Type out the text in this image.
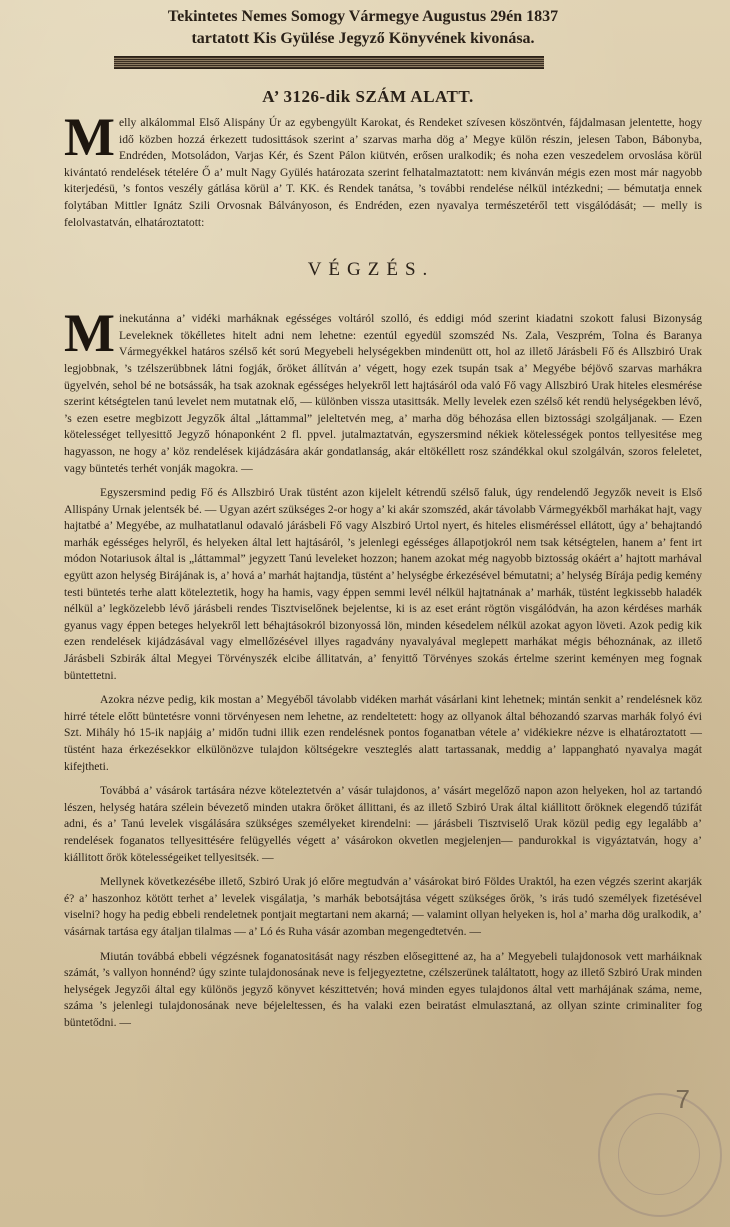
Tekintetes Nemes Somogy Vármegye Augustus 29én 1837
tartatott Kis Gyülése Jegyző Könyvének kivonása.
A’ 3126-dik SZÁM ALATT.

Melly alkálommal Első Alispány Úr az egybengyült Karokat, és Rendeket szívesen köszöntvén, fájdalmasan jelentette, hogy idő közben hozzá érkezett tudosittások szerint a’ szarvas marha dög a’ Megye külön részin, jelesen Tabon, Bábonyba, Endréden, Motsoládon, Varjas Kér, és Szent Pálon kiütvén, erősen uralkodik; és noha ezen veszedelem orvoslása körül kivántató rendelések tételére Ő a’ mult Nagy Gyülés határozata szerint felhatalmaztatott: nem kivánván mégis ezen most már nagyobb kiterjedésü, ’s fontos veszély gátlása körül a’ T. KK. és Rendek tanátsa, ’s további rendelése nélkül intézkedni; — bémutatja ennek folytában Mittler Ignátz Szili Orvosnak Bálványoson, és Endréden, ezen nyavalya természetéről tett visgálódását; — melly is felolvastatván, elhatároztatott:

VÉGZÉS.

Minekutánna a’ vidéki marháknak egésséges voltáról szolló, és eddigi mód szerint kiadatni szokott falusi Bizonyság Leveleknek tökélletes hitelt adni nem lehetne: ezentúl egyedül szomszéd Ns. Zala, Veszprém, Tolna és Baranya Vármegyékkel határos szélső két sorú Megyebeli helységekben mindenütt ott, hol az illető Járásbeli Fő és Allszbiró Urak legjobbnak, ’s tzélszerübbnek látni fogják, őröket állítván a’ végett, hogy ezek tsupán tsak a’ Megyébe béjövő szarvas marhákra ügyelvén, sehol bé ne botsássák, ha tsak azoknak egésséges helyekről lett hajtásáról oda való Fő vagy Allszbiró Urak hiteles elesmérése szerint kétségtelen tanú levelet nem mutatnak elő, — különben vissza utasittsák. Melly levelek ezen szélső két rendü helységekben lévő, ’s ezen esetre megbizott Jegyzők által „láttammal” jeleltetvén meg, a’ marha dög béhozása ellen biztossági szolgáljanak. — Ezen kötelességet tellyesittő Jegyző hónaponként 2 fl. ppvel. jutalmaztatván, egyszersmind nékiek kötelességek pontos tellyesitése meg hagyasson, ne hogy a’ köz rendelések kijádzására akár gondatlanság, akár eltökéllett rosz szándékkal okul szolgálván, szoros feleletet, vagy büntetés terhét vonják magokra. —

Egyszersmind pedig Fő és Allszbiró Urak tüstént azon kijelelt kétrendű szélső faluk, úgy rendelendő Jegyzők neveit is Első Allispány Urnak jelentsék bé. — Ugyan azért szükséges 2-or hogy a’ ki akár szomszéd, akár távolabb Vármegyékből marhákat hajt, vagy hajtatbé a’ Megyébe, az mulhatatlanul odavaló járásbeli Fő vagy Alszbiró Urtol nyert, és hiteles elisméréssel ellátott, úgy a’ behajtandó marhák egésséges helyről, és helyeken által lett hajtásáról, ’s jelenlegi egésséges állapotjokról nem tsak kétségtelen, hanem a’ fent irt módon Notariusok által is „láttammal” jegyzett Tanú leveleket hozzon; hanem azokat még nagyobb biztosság okáért a’ hajtott marhával együtt azon helység Birájának is, a’ hová a’ marhát hajtandja, tüstént a’ helységbe érkezésével bémutatni; a’ helység Bírája pedig kemény testi büntetés terhe alatt köteleztetik, hogy ha hamis, vagy éppen semmi levél nélkül hajtatnának a’ marhák, tüstént legkissebb haladék nélkül a’ legközelebb lévő járásbeli rendes Tisztviselőnek bejelentse, ki is az eset eránt rögtön visgálódván, ha azon kérdéses marhák gyanus vagy éppen beteges helyekről lett béhajtásokról bizonyossá lön, minden késedelem nélkül azokat agyon löveti. Azok pedig kik ezen rendelések kijádzásával vagy elmellőzésével illyes ragadvány nyavalyával meglepett marhákat mégis béhoznának, az illető Járásbeli Szbirák által Megyei Törvényszék elcibe állitatván, a’ fenyittő Törvényes szokás értelme szerint keményen meg fognak büntettetni.

Azokra nézve pedig, kik mostan a’ Megyéből távolabb vidéken marhát vásárlani kint lehetnek; mintán senkit a’ rendelésnek köz hirré tétele előtt büntetésre vonni törvényesen nem lehetne, az rendeltetett: hogy az ollyanok által béhozandó szarvas marhák folyó évi Szt. Mihály hó 15-ik napjáig a’ midőn tudni illik ezen rendelésnek pontos foganatban vétele a’ vidékiekre nézve is elhatároztatott — tüstént haza érkezésekkor elkülönözve tulajdon költségekre veszteglés alatt tartassanak, meddig a’ lappangható nyavalya magát kifejtheti.

Továbbá a’ vásárok tartására nézve köteleztetvén a’ vásár tulajdonos, a’ vásárt megelőző napon azon helyeken, hol az tartandó lészen, helység határa szélein bévezető minden utakra őröket állittani, és az illető Szbiró Urak által kiállitott őröknek elegendő túzifát adni, és a’ Tanú levelek visgálására szükséges személyeket kirendelni: — járásbeli Tisztviselő Urak közül pedig egy legalább a’ rendelések foganatos tellyesittésére felügyellés végett a’ vásárokon okvetlen megjelenjen— pandurokkal is vigyáztatván, hogy a’ kiállitott őrök kötelességeiket tellyesitsék. —

Mellynek következésébe illető, Szbiró Urak jó előre megtudván a’ vásárokat biró Földes Uraktól, ha ezen végzés szerint akarják é? a’ haszonhoz kötött terhet a’ levelek visgálatja, ’s marhák bebotsájtása végett szükséges őrök, ’s irás tudó személyek fizetésével viselni? hogy ha pedig ebbeli rendeletnek pontjait megtartani nem akarná; — valamint ollyan helyeken is, hol a’ marha dög uralkodik, a’ vásárnak tartása egy átaljan tilalmas — a’ Ló és Ruha vásár azomban megengedtetvén. —

Miután továbbá ebbeli végzésnek foganatositását nagy részben elősegittené az, ha a’ Megyebeli tulajdonosok vett marháiknak számát, ’s vallyon honnénd? úgy szinte tulajdonosának neve is feljegyeztetne, czélszerünek találtatott, hogy az illető Szbiró Urak minden helységek Jegyzői által egy különös jegyző könyvet készittetvén; hová minden egyes tulajdonos által vett marhájának száma, neme, száma ’s jelenlegi tulajdonosának neve béjeleltessen, és ha valaki ezen beiratást elmulasztaná, az ollyan szinte criminaliter fog büntetődni. —

7
